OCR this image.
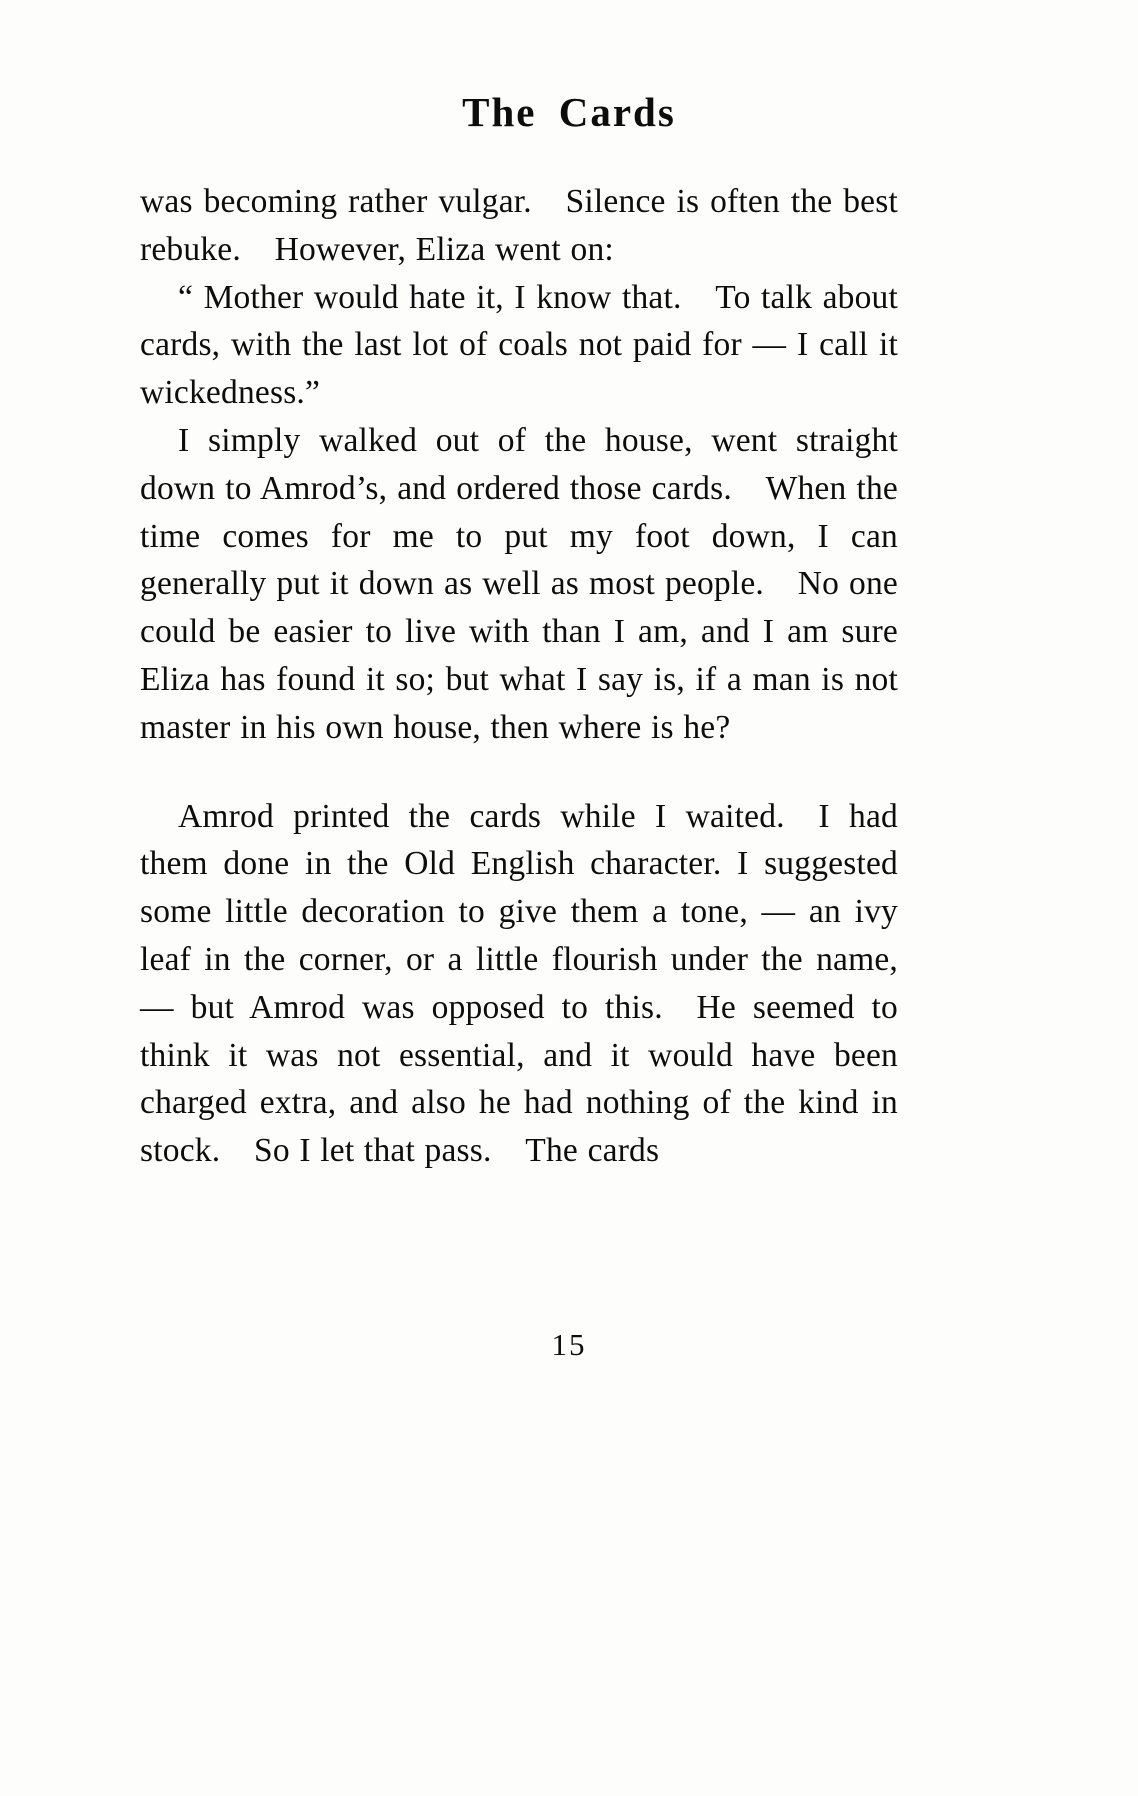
The Cards

was becoming rather vulgar. Silence is often the best rebuke. However, Eliza went on:

“ Mother would hate it, I know that. To talk about cards, with the last lot of coals not paid for — I call it wickedness.”

I simply walked out of the house, went straight down to Amrod’s, and ordered those cards. When the time comes for me to put my foot down, I can generally put it down as well as most people. No one could be easier to live with than I am, and I am sure Eliza has found it so; but what I say is, if a man is not master in his own house, then where is he?

Amrod printed the cards while I waited. I had them done in the Old English character. I suggested some little decoration to give them a tone, — an ivy leaf in the corner, or a little flourish under the name, — but Amrod was opposed to this. He seemed to think it was not essential, and it would have been charged extra, and also he had nothing of the kind in stock. So I let that pass. The cards

15
